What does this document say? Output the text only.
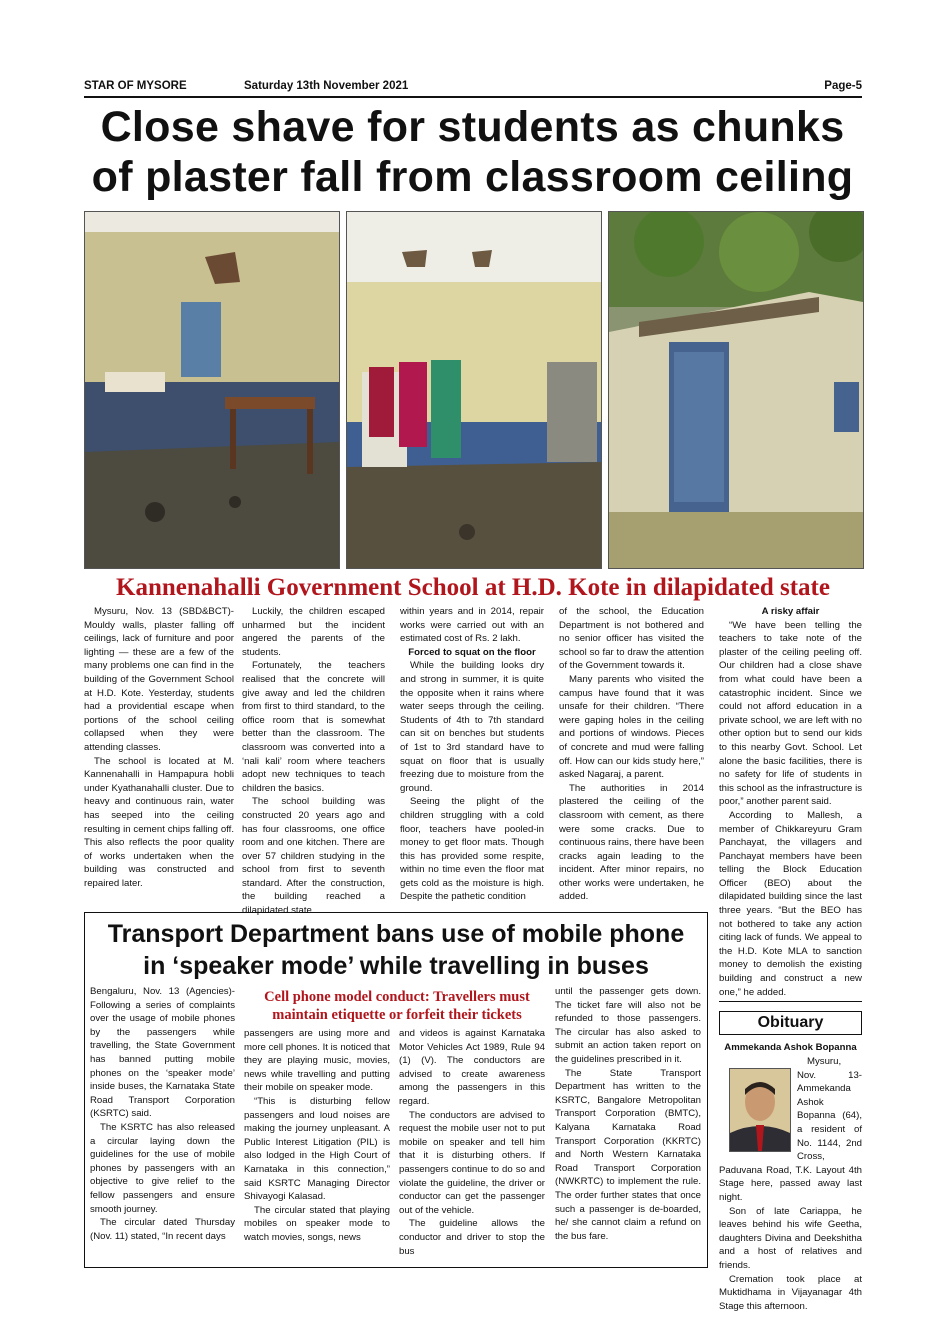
STAR OF MYSORE	Saturday 13th November 2021	Page-5
Close shave for students as chunks
of plaster fall from classroom ceiling
Kannenahalli Government School at H.D. Kote in dilapidated state

Mysuru, Nov. 13 (SBD&BCT)- Mouldy walls, plaster falling off ceilings, lack of furniture and poor lighting — these are a few of the many problems one can find in the building of the Government School at H.D. Kote. Yesterday, students had a providential escape when portions of the school ceiling collapsed when they were attending classes.

The school is located at M. Kannenahalli in Hampapura hobli under Kyathanahalli cluster. Due to heavy and continuous rain, water has seeped into the ceiling resulting in cement chips falling off. This also reflects the poor quality of works undertaken when the building was constructed and repaired later.

Luckily, the children escaped unharmed but the incident angered the parents of the students.

Fortunately, the teachers realised that the concrete will give away and led the children from first to third standard, to the office room that is somewhat better than the classroom. The classroom was converted into a ‘nali kali’ room where teachers adopt new techniques to teach children the basics.

The school building was constructed 20 years ago and has four classrooms, one office room and one kitchen. There are over 57 children studying in the school from first to seventh standard. After the construction, the building reached a dilapidated state

within years and in 2014, repair works were carried out with an estimated cost of Rs. 2 lakh.

Forced to squat on the floor

While the building looks dry and strong in summer, it is quite the opposite when it rains where water seeps through the ceiling. Students of 4th to 7th standard can sit on benches but students of 1st to 3rd standard have to squat on floor that is usually freezing due to moisture from the ground.

Seeing the plight of the children struggling with a cold floor, teachers have pooled-in money to get floor mats. Though this has provided some respite, within no time even the floor mat gets cold as the moisture is high. Despite the pathetic condition

of the school, the Education Department is not bothered and no senior officer has visited the school so far to draw the attention of the Government towards it.

Many parents who visited the campus have found that it was unsafe for their children. “There were gaping holes in the ceiling and portions of windows. Pieces of concrete and mud were falling off. How can our kids study here,” asked Nagaraj, a parent.

The authorities in 2014 plastered the ceiling of the classroom with cement, as there were some cracks. Due to continuous rains, there have been cracks again leading to the incident. After minor repairs, no other works were undertaken, he added.

A risky affair

“We have been telling the teachers to take note of the plaster of the ceiling peeling off. Our children had a close shave from what could have been a catastrophic incident. Since we could not afford education in a private school, we are left with no other option but to send our kids to this nearby Govt. School. Let alone the basic facilities, there is no safety for life of students in this school as the infrastructure is poor,” another parent said.

According to Mallesh, a member of Chikkareyuru Gram Panchayat, the villagers and Panchayat members have been telling the Block Education Officer (BEO) about the dilapidated building since the last three years. “But the BEO has not bothered to take any action citing lack of funds. We appeal to the H.D. Kote MLA to sanction money to demolish the existing building and construct a new one,” he added.

Transport Department bans use of mobile phone
in ‘speaker mode’ while travelling in buses
Cell phone model conduct: Travellers must maintain etiquette or forfeit their tickets

Bengaluru, Nov. 13 (Agencies)- Following a series of complaints over the usage of mobile phones by the passengers while travelling, the State Government has banned putting mobile phones on the ‘speaker mode’ inside buses, the Karnataka State Road Transport Corporation (KSRTC) said.

The KSRTC has also released a circular laying down the guidelines for the use of mobile phones by passengers with an objective to give relief to the fellow passengers and ensure smooth journey.

The circular dated Thursday (Nov. 11) stated, “In recent days

passengers are using more and more cell phones. It is noticed that they are playing music, movies, news while travelling and putting their mobile on speaker mode.

“This is disturbing fellow passengers and loud noises are making the journey unpleasant. A Public Interest Litigation (PIL) is also lodged in the High Court of Karnataka in this connection,” said KSRTC Managing Director Shivayogi Kalasad.

The circular stated that playing mobiles on speaker mode to watch movies, songs, news

and videos is against Karnataka Motor Vehicles Act 1989, Rule 94 (1) (V). The conductors are advised to create awareness among the passengers in this regard.

The conductors are advised to request the mobile user not to put mobile on speaker and tell him that it is disturbing others. If passengers continue to do so and violate the guideline, the driver or conductor can get the passenger out of the vehicle.

The guideline allows the conductor and driver to stop the bus

until the passenger gets down. The ticket fare will also not be refunded to those passengers. The circular has also asked to submit an action taken report on the guidelines prescribed in it.

The State Transport Department has written to the KSRTC, Bangalore Metropolitan Transport Corporation (BMTC), Kalyana Karnataka Road Transport Corporation (KKRTC) and North Western Karnataka Road Transport Corporation (NWKRTC) to implement the rule. The order further states that once such a passenger is de-boarded, he/ she cannot claim a refund on the bus fare.

Obituary
Ammekanda Ashok Bopanna

Mysuru, Nov. 13- Ammekanda Ashok Bopanna (64), a resident of No. 1144, 2nd Cross, Paduvana Road, T.K. Layout 4th Stage here, passed away last night.

Son of late Cariappa, he leaves behind his wife Geetha, daughters Divina and Deekshitha and a host of relatives and friends.

Cremation took place at Muktidhama in Vijayanagar 4th Stage this afternoon.
